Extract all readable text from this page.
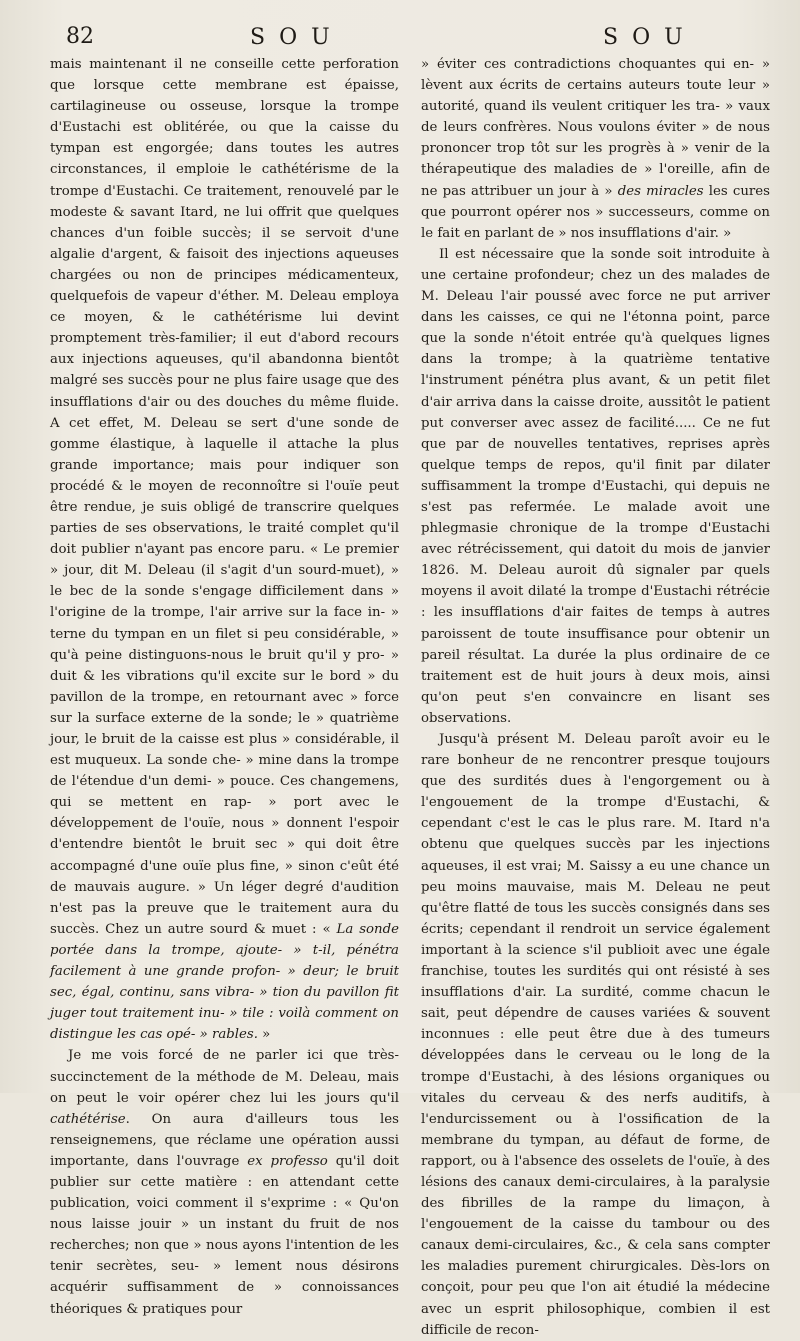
82	SOU	SOU

mais maintenant il ne conseille cette perforation que lorsque cette membrane est épaisse, cartilagineuse ou osseuse, lorsque la trompe d'Eustachi est oblitérée, ou que la caisse du tympan est engorgée; dans toutes les autres circonstances, il emploie le cathétérisme de la trompe d'Eustachi. Ce traitement, renouvelé par le modeste & savant Itard, ne lui offrit que quelques chances d'un foible succès; il se servoit d'une algalie d'argent, & faisoit des injections aqueuses chargées ou non de principes médicamenteux, quelquefois de vapeur d'éther. M. Deleau employa ce moyen, & le cathétérisme lui devint promptement très-familier; il eut d'abord recours aux injections aqueuses, qu'il abandonna bientôt malgré ses succès pour ne plus faire usage que des insufflations d'air ou des douches du même fluide. A cet effet, M. Deleau se sert d'une sonde de gomme élastique, à laquelle il attache la plus grande importance; mais pour indiquer son procédé & le moyen de reconnoître si l'ouïe peut être rendue, je suis obligé de transcrire quelques parties de ses observations, le traité complet qu'il doit publier n'ayant pas encore paru. « Le premier » jour, dit M. Deleau (il s'agit d'un sourd-muet), » le bec de la sonde s'engage difficilement dans » l'origine de la trompe, l'air arrive sur la face in- » terne du tympan en un filet si peu considérable, » qu'à peine distinguons-nous le bruit qu'il y pro- » duit & les vibrations qu'il excite sur le bord » du pavillon de la trompe, en retournant avec » force sur la surface externe de la sonde; le » quatrième jour, le bruit de la caisse est plus » considérable, il est muqueux. La sonde che- » mine dans la trompe de l'étendue d'un demi- » pouce. Ces changemens, qui se mettent en rap- » port avec le développement de l'ouïe, nous » donnent l'espoir d'entendre bientôt le bruit sec » qui doit être accompagné d'une ouïe plus fine, » sinon c'eût été de mauvais augure. » Un léger degré d'audition n'est pas la preuve que le traitement aura du succès. Chez un autre sourd & muet : « La sonde portée dans la trompe, ajoute- » t-il, pénétra facilement à une grande profon- » deur; le bruit sec, égal, continu, sans vibra- » tion du pavillon fit juger tout traitement inu- » tile : voilà comment on distingue les cas opé- » rables. »

Je me vois forcé de ne parler ici que très-succinctement de la méthode de M. Deleau, mais on peut le voir opérer chez lui les jours qu'il cathétérise. On aura d'ailleurs tous les renseignemens, que réclame une opération aussi importante, dans l'ouvrage ex professo qu'il doit publier sur cette matière : en attendant cette publication, voici comment il s'exprime : « Qu'on nous laisse jouir » un instant du fruit de nos recherches; non que » nous ayons l'intention de les tenir secrètes, seu- » lement nous désirons acquérir suffisamment de » connoissances théoriques & pratiques pour

» éviter ces contradictions choquantes qui en- » lèvent aux écrits de certains auteurs toute leur » autorité, quand ils veulent critiquer les tra- » vaux de leurs confrères. Nous voulons éviter » de nous prononcer trop tôt sur les progrès à » venir de la thérapeutique des maladies de » l'oreille, afin de ne pas attribuer un jour à » des miracles les cures que pourront opérer nos » successeurs, comme on le fait en parlant de » nos insufflations d'air. »

Il est nécessaire que la sonde soit introduite à une certaine profondeur; chez un des malades de M. Deleau l'air poussé avec force ne put arriver dans les caisses, ce qui ne l'étonna point, parce que la sonde n'étoit entrée qu'à quelques lignes dans la trompe; à la quatrième tentative l'instrument pénétra plus avant, & un petit filet d'air arriva dans la caisse droite, aussitôt le patient put converser avec assez de facilité..... Ce ne fut que par de nouvelles tentatives, reprises après quelque temps de repos, qu'il finit par dilater suffisamment la trompe d'Eustachi, qui depuis ne s'est pas refermée. Le malade avoit une phlegmasie chronique de la trompe d'Eustachi avec rétrécissement, qui datoit du mois de janvier 1826. M. Deleau auroit dû signaler par quels moyens il avoit dilaté la trompe d'Eustachi rétrécie : les insufflations d'air faites de temps à autres paroissent de toute insuffisance pour obtenir un pareil résultat. La durée la plus ordinaire de ce traitement est de huit jours à deux mois, ainsi qu'on peut s'en convaincre en lisant ses observations.

Jusqu'à présent M. Deleau paroît avoir eu le rare bonheur de ne rencontrer presque toujours que des surdités dues à l'engorgement ou à l'engouement de la trompe d'Eustachi, & cependant c'est le cas le plus rare. M. Itard n'a obtenu que quelques succès par les injections aqueuses, il est vrai; M. Saissy a eu une chance un peu moins mauvaise, mais M. Deleau ne peut qu'être flatté de tous les succès consignés dans ses écrits; cependant il rendroit un service également important à la science s'il publioit avec une égale franchise, toutes les surdités qui ont résisté à ses insufflations d'air. La surdité, comme chacun le sait, peut dépendre de causes variées & souvent inconnues : elle peut être due à des tumeurs développées dans le cerveau ou le long de la trompe d'Eustachi, à des lésions organiques ou vitales du cerveau & des nerfs auditifs, à l'endurcissement ou à l'ossification de la membrane du tympan, au défaut de forme, de rapport, ou à l'absence des osselets de l'ouïe, à des lésions des canaux demi-circulaires, à la paralysie des fibrilles de la rampe du limaçon, à l'engouement de la caisse du tambour ou des canaux demi-circulaires, &c., & cela sans compter les maladies purement chirurgicales. Dès-lors on conçoit, pour peu que l'on ait étudié la médecine avec un esprit philosophique, combien il est difficile de recon-
